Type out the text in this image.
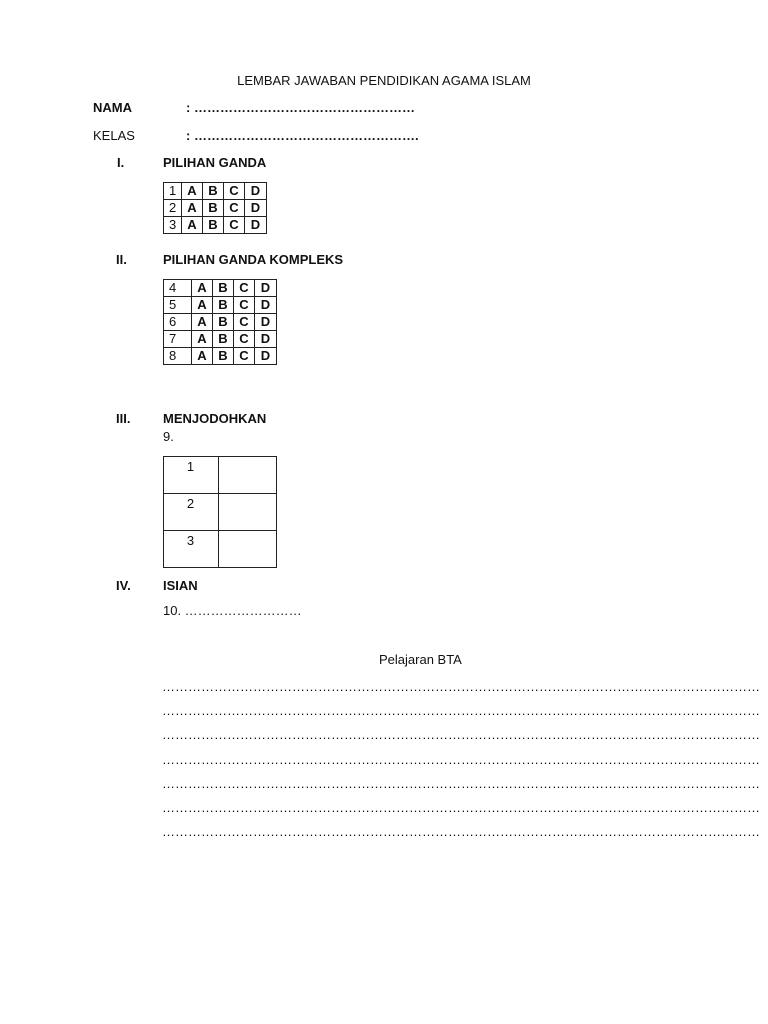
LEMBAR JAWABAN PENDIDIKAN AGAMA ISLAM
NAMA	: ……………………………………………
KELAS	: …………………………………………….
I.	PILIHAN GANDA
1	A	B	C	D
2	A	B	C	D
3	A	B	C	D
II.	PILIHAN GANDA KOMPLEKS
4	A	B	C	D
5	A	B	C	D
6	A	B	C	D
7	A	B	C	D
8	A	B	C	D
III.	MENJODOHKAN
9.
1	
2	
3	
IV. ISIAN
10. ………………………
Pelajaran BTA
…………………………………………………………………………………………………………………………
…………………………………………………………………………………………………………………………
…………………………………………………………………………………………………………………………
…………………………………………………………………………………………………………………………
…………………………………………………………………………………………………………………………
…………………………………………………………………………………………………………………………
…………………………………………………………………………………………………………………………
